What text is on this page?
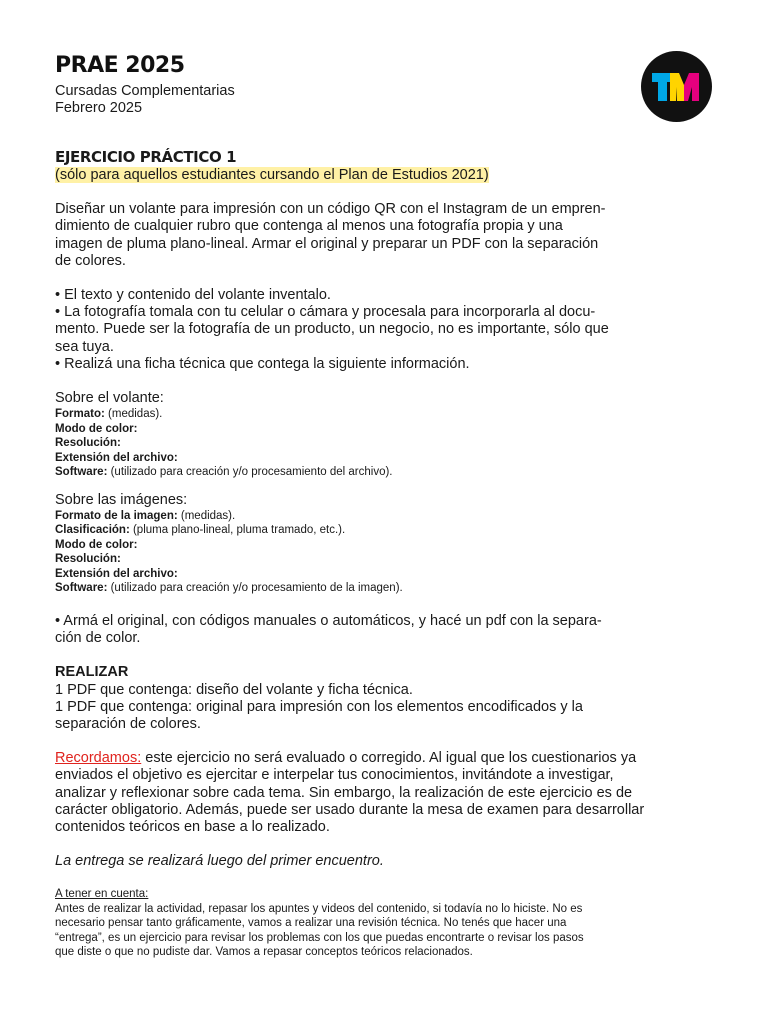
PRAE 2025
Cursadas Complementarias
Febrero 2025
EJERCICIO PRÁCTICO 1

(sólo para aquellos estudiantes cursando el Plan de Estudios 2021)

Diseñar un volante para impresión con un código QR con el Instagram de un empren-
dimiento de cualquier rubro que contenga al menos una fotografía propia y una
imagen de pluma plano-lineal. Armar el original y preparar un PDF con la separación
de colores.
• El texto y contenido del volante inventalo.
• La fotografía tomala con tu celular o cámara y procesala para incorporarla al docu-
mento. Puede ser la fotografía de un producto, un negocio, no es importante, sólo que
sea tuya.
• Realizá una ficha técnica que contega la siguiente información.
Sobre el volante:
Formato: (medidas).
Modo de color:
Resolución:
Extensión del archivo:
Software: (utilizado para creación y/o procesamiento del archivo).
Sobre las imágenes:
Formato de la imagen: (medidas).
Clasificación: (pluma plano-lineal, pluma tramado, etc.).
Modo de color:
Resolución:
Extensión del archivo:
Software: (utilizado para creación y/o procesamiento de la imagen).
• Armá el original, con códigos manuales o automáticos, y hacé un pdf con la separa-
ción de color.
REALIZAR
1 PDF que contenga: diseño del volante y ficha técnica.
1 PDF que contenga: original para impresión con los elementos encodificados y la
separación de colores.
Recordamos: este ejercicio no será evaluado o corregido. Al igual que los cuestionarios ya
enviados el objetivo es ejercitar e interpelar tus conocimientos, invitándote a investigar,
analizar y reflexionar sobre cada tema. Sin embargo, la realización de este ejercicio es de
carácter obligatorio. Además, puede ser usado durante la mesa de examen para desarrollar
contenidos teóricos en base a lo realizado.
La entrega se realizará luego del primer encuentro.
A tener en cuenta:
Antes de realizar la actividad, repasar los apuntes y videos del contenido, si todavía no lo hiciste. No es
necesario pensar tanto gráficamente, vamos a realizar una revisión técnica. No tenés que hacer una
“entrega”, es un ejercicio para revisar los problemas con los que puedas encontrarte o revisar los pasos
que diste o que no pudiste dar. Vamos a repasar conceptos teóricos relacionados.
